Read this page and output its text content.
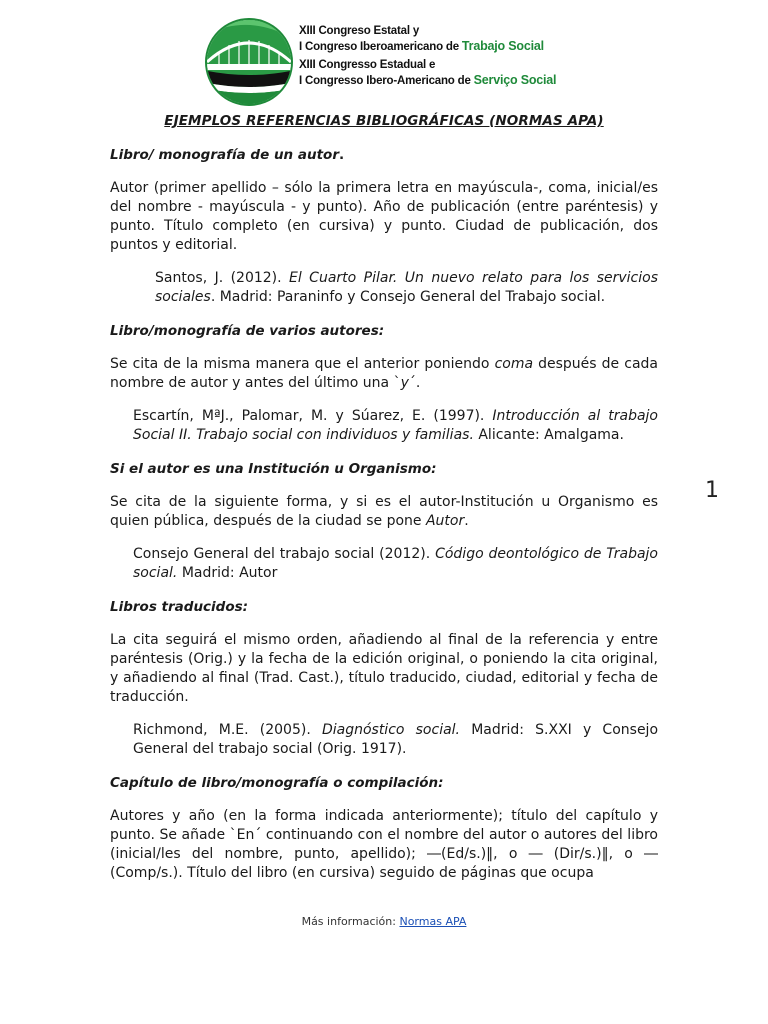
XIII Congreso Estatal y
I Congreso Iberoamericano de Trabajo Social
XIII Congresso Estadual e
I Congresso Ibero-Americano de Serviço Social
EJEMPLOS REFERENCIAS BIBLIOGRÁFICAS (NORMAS APA)
Libro/ monografía de un autor.

Autor (primer apellido – sólo la primera letra en mayúscula-, coma, inicial/es del nombre - mayúscula - y punto). Año de publicación (entre paréntesis) y punto. Título completo (en cursiva) y punto. Ciudad de publicación, dos puntos y editorial.

Santos, J. (2012). El Cuarto Pilar. Un nuevo relato para los servicios sociales. Madrid: Paraninfo y Consejo General del Trabajo social.

Libro/monografía de varios autores:

Se cita de la misma manera que el anterior poniendo coma después de cada nombre de autor y antes del último una `y´.

Escartín, MªJ., Palomar, M. y Súarez, E. (1997). Introducción al trabajo Social II. Trabajo social con individuos y familias. Alicante: Amalgama.

Si el autor es una Institución u Organismo:

Se cita de la siguiente forma, y si es el autor-Institución u Organismo es quien pública, después de la ciudad se pone Autor.

Consejo General del trabajo social (2012). Código deontológico de Trabajo social. Madrid: Autor

Libros traducidos:

La cita seguirá el mismo orden, añadiendo al final de la referencia y entre paréntesis (Orig.) y la fecha de la edición original, o poniendo la cita original, y añadiendo al final (Trad. Cast.), título traducido, ciudad, editorial y fecha de traducción.

Richmond, M.E. (2005). Diagnóstico social. Madrid: S.XXI y Consejo General del trabajo social (Orig. 1917).

Capítulo de libro/monografía o compilación:

Autores y año (en la forma indicada anteriormente); título del capítulo y punto. Se añade `En´ continuando con el nombre del autor o autores del libro (inicial/les del nombre, punto, apellido); ―(Ed/s.)‖, o ― (Dir/s.)‖, o ― (Comp/s.). Título del libro (en cursiva) seguido de páginas que ocupa

1
Más información: Normas APA
